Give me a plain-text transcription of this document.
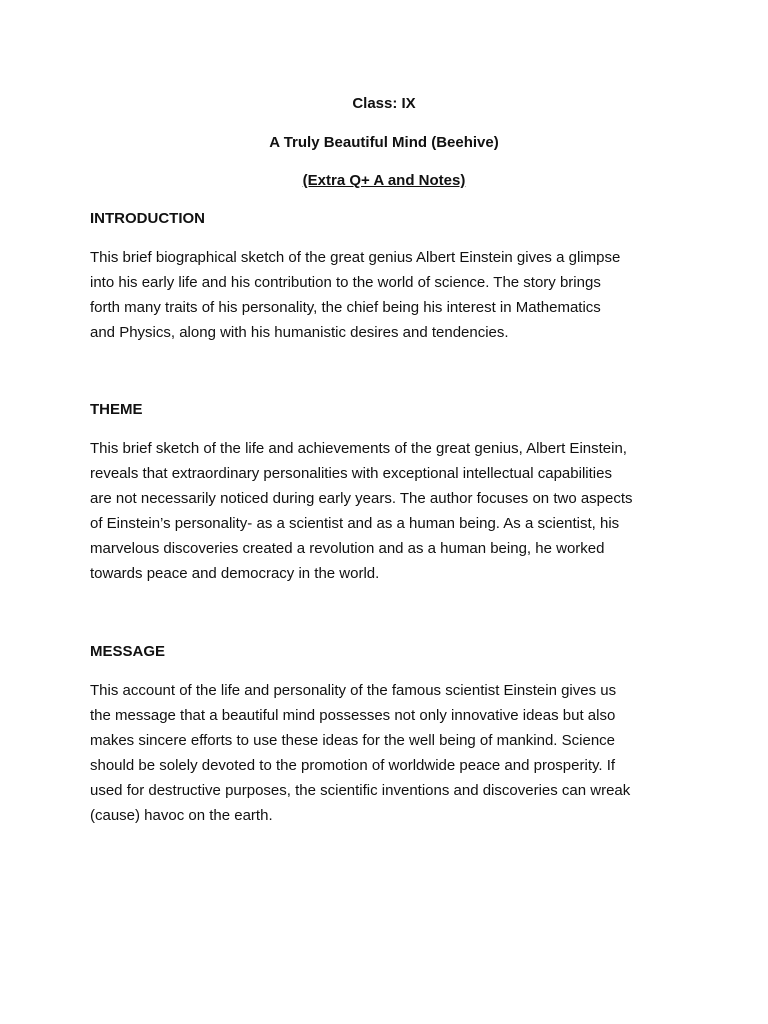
Class: IX
A Truly Beautiful Mind (Beehive)
(Extra Q+ A and Notes)
INTRODUCTION
This brief biographical sketch of the great genius Albert Einstein gives a glimpse
into his early life and his contribution to the world of science. The story brings
forth many traits of his personality, the chief being his interest in Mathematics
and Physics, along with his humanistic desires and tendencies.
THEME
This brief sketch of the life and achievements of the great genius, Albert Einstein,
reveals that extraordinary personalities with exceptional intellectual capabilities
are not necessarily noticed during early years. The author focuses on two aspects
of Einstein’s personality- as a scientist and as a human being. As a scientist, his
marvelous discoveries created a revolution and as a human being, he worked
towards peace and democracy in the world.
MESSAGE
This account of the life and personality of the famous scientist Einstein gives us
the message that a beautiful mind possesses not only innovative ideas but also
makes sincere efforts to use these ideas for the well being of mankind. Science
should be solely devoted to the promotion of worldwide peace and prosperity. If
used for destructive purposes, the scientific inventions and discoveries can wreak
(cause) havoc on the earth.
